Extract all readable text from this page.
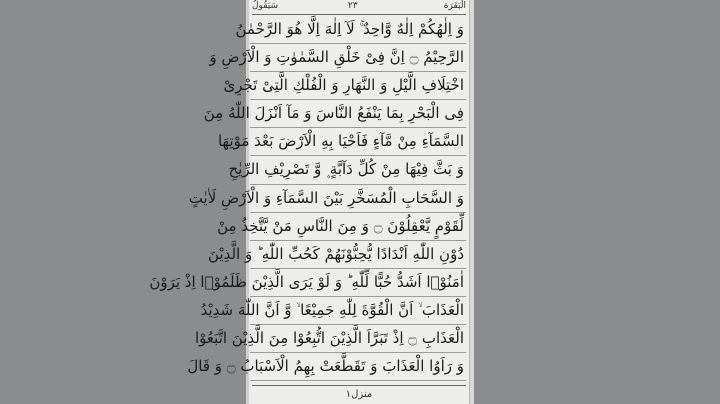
سَیَقُولُ	۲۳	الْبَقَرَة
وَ اِلٰهُكُمْ اِلٰهٌ وَّاحِدٌ ۚ لَآ اِلٰهَ اِلَّا هُوَ الرَّحْمٰنُ
الرَّحِیْمُ ۝ اِنَّ فِیْ خَلْقِ السَّمٰوٰتِ وَ الْاَرْضِ وَ
اخْتِلَافِ الَّیْلِ وَ النَّهَارِ وَ الْفُلْكِ الَّتِیْ تَجْرِیْ
فِی الْبَحْرِ بِمَا یَنْفَعُ النَّاسَ وَ مَآ اَنْزَلَ اللّٰهُ مِنَ
السَّمَآءِ مِنْ مَّآءٍ فَاَحْیَا بِهِ الْاَرْضَ بَعْدَ مَوْتِهَا
وَ بَثَّ فِیْهَا مِنْ كُلِّ دَآبَّةٍ ۪ وَّ تَصْرِیْفِ الرِّیٰحِ
وَ السَّحَابِ الْمُسَخَّرِ بَیْنَ السَّمَآءِ وَ الْاَرْضِ لَاٰیٰتٍ
لِّقَوْمٍ یَّعْقِلُوْنَ ۝ وَ مِنَ النَّاسِ مَنْ یَّتَّخِذُ مِنْ
دُوْنِ اللّٰهِ اَنْدَادًا یُّحِبُّوْنَهُمْ كَحُبِّ اللّٰهِ ؕ وَ الَّذِیْنَ
اٰمَنُوْۤا اَشَدُّ حُبًّا لِّلّٰهِ ؕ وَ لَوْ یَرَى الَّذِیْنَ ظَلَمُوْۤا اِذْ یَرَوْنَ
الْعَذَابَ ۙ اَنَّ الْقُوَّةَ لِلّٰهِ جَمِیْعًا ۙ وَّ اَنَّ اللّٰهَ شَدِیْدُ
الْعَذَابِ ۝ اِذْ تَبَرَّاَ الَّذِیْنَ اتُّبِعُوْا مِنَ الَّذِیْنَ اتَّبَعُوْا
وَ رَاَوُا الْعَذَابَ وَ تَقَطَّعَتْ بِهِمُ الْاَسْبَابُ ۝ وَ قَالَ
منزل۱
